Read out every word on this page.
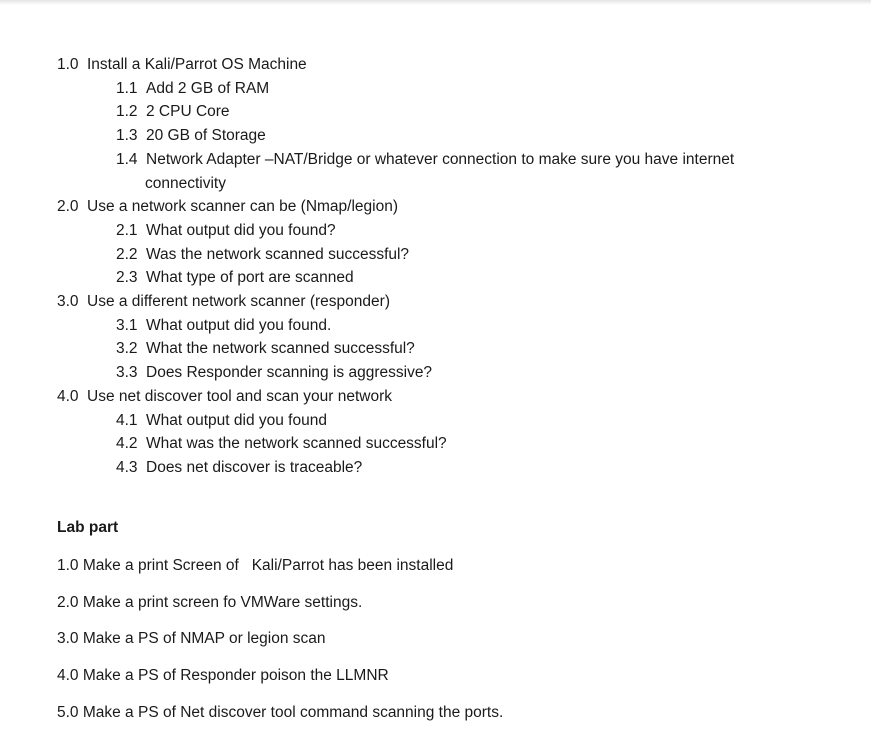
1.0 Install a Kali/Parrot OS Machine
1.1 Add 2 GB of RAM
1.2 2 CPU Core
1.3 20 GB of Storage
1.4 Network Adapter –NAT/Bridge or whatever connection to make sure you have internet
connectivity
2.0 Use a network scanner can be (Nmap/legion)
2.1 What output did you found?
2.2 Was the network scanned successful?
2.3 What type of port are scanned
3.0 Use a different network scanner (responder)
3.1 What output did you found.
3.2 What the network scanned successful?
3.3 Does Responder scanning is aggressive?
4.0 Use net discover tool and scan your network
4.1 What output did you found
4.2 What was the network scanned successful?
4.3 Does net discover is traceable?
Lab part
1.0 Make a print Screen of   Kali/Parrot has been installed
2.0 Make a print screen fo VMWare settings.
3.0 Make a PS of NMAP or legion scan
4.0 Make a PS of Responder poison the LLMNR
5.0 Make a PS of Net discover tool command scanning the ports.
